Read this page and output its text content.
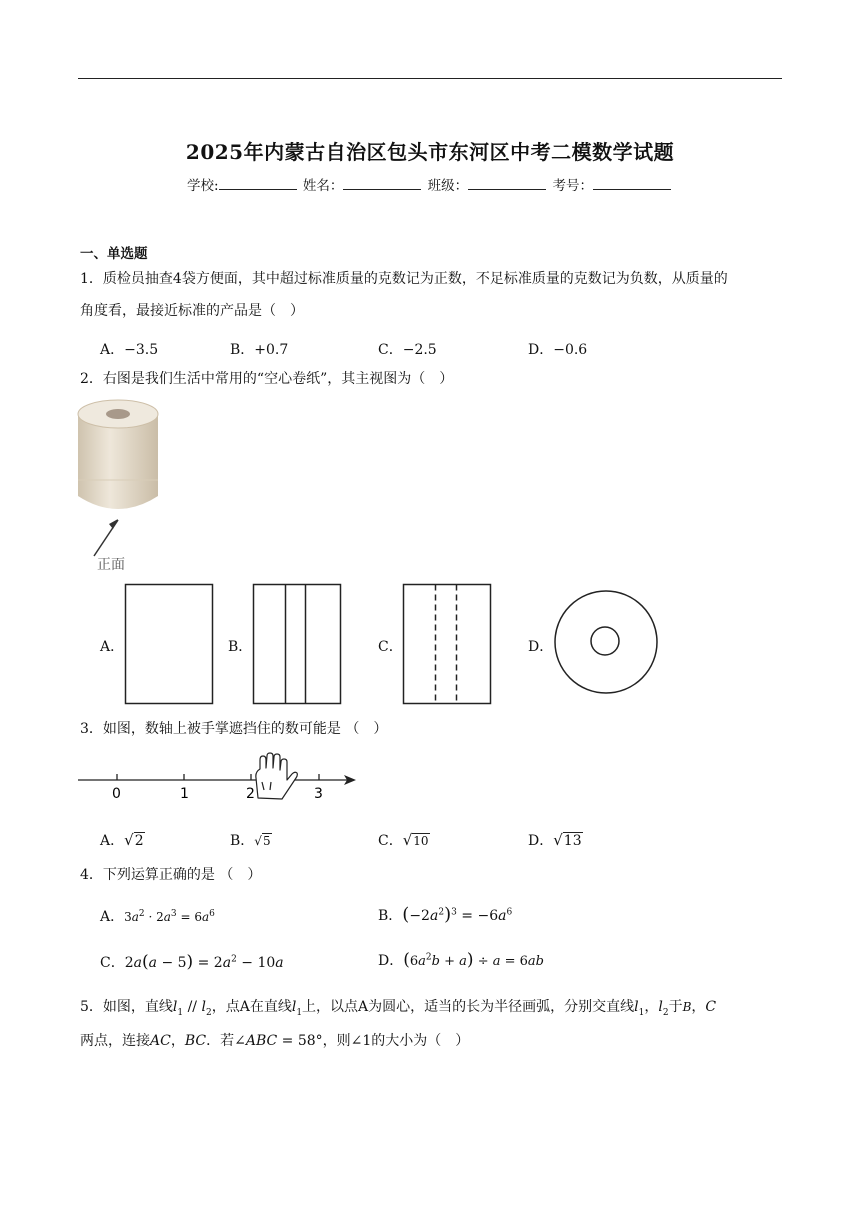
2025年内蒙古自治区包头市东河区中考二模数学试题
学校:	姓名：	班级：	考号：
一、单选题
1．质检员抽查4袋方便面，其中超过标准质量的克数记为正数，不足标准质量的克数记为负数，从质量的
角度看，最接近标准的产品是（　）
A．−3.5	B．+0.7	C．−2.5	D．−0.6
2．右图是我们生活中常用的“空心卷纸”，其主视图为（　）
正面
A．	B．	C．	D．
3．如图，数轴上被手掌遮挡住的数可能是 （　）
0	1	2	3
A．√2	B．√5	C．√10	D．√13
4．下列运算正确的是 （　）
A．$3a^2 \cdot 2a^3 = 6a^6$	B．$(-2a^2)^3 = -6a^6$
C．$2a(a - 5) = 2a^2 - 10a$	D．$(6a^2b + a) \div a = 6ab$
5．如图，直线$l_1 // l_2$，点A在直线$l_1$上，以点A为圆心，适当的长为半径画弧，分别交直线$l_1$，$l_2$于B，C
两点，连接AC，BC．若∠ABC = 58°，则∠1的大小为（　）
